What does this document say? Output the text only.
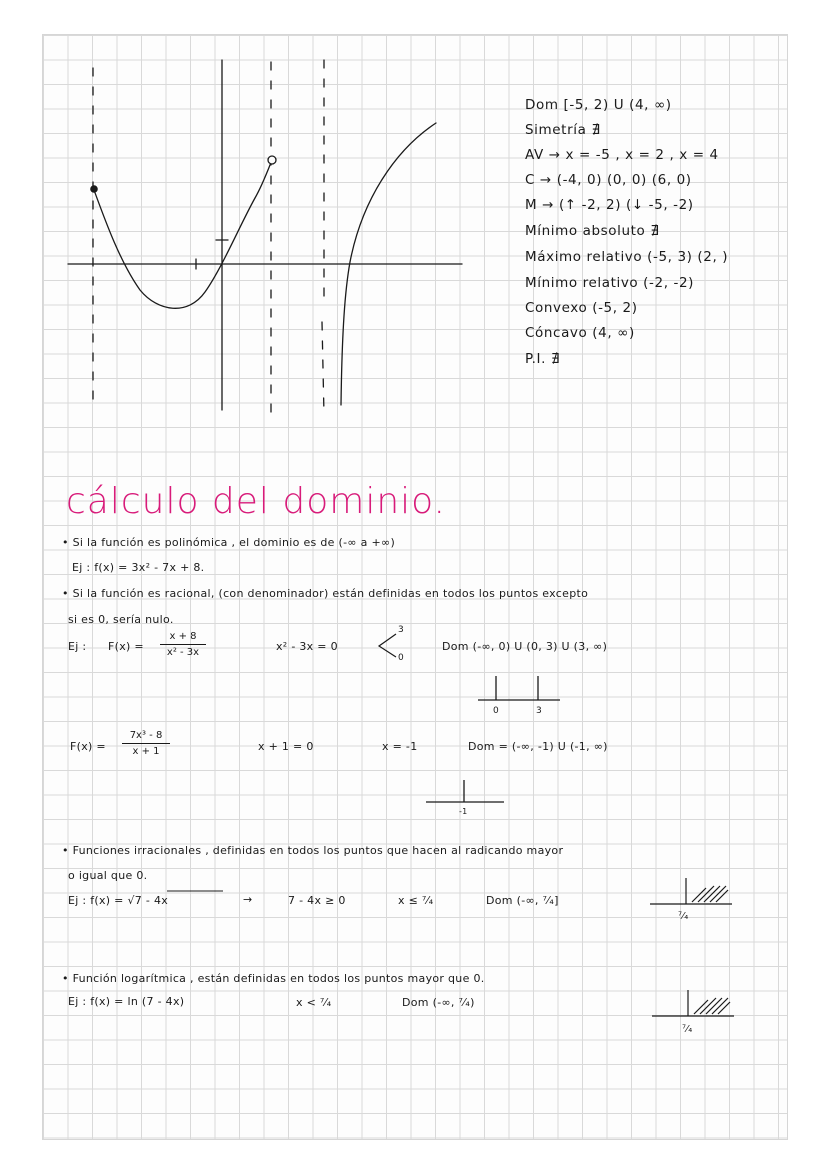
Dom [-5, 2) U (4, ∞)
Simetría ∄
AV → x = -5 , x = 2 , x = 4
C → (-4, 0) (0, 0) (6, 0)
M → (↑ -2, 2) (↓ -5, -2)
Mínimo absoluto ∄
Máximo relativo (-5, 3) (2, )
Mínimo relativo (-2, -2)
Convexo (-5, 2)
Cóncavo (4, ∞)
P.I. ∄
cálculo del dominio.
• Si la función es polinómica , el dominio es de (-∞ a +∞)
Ej : f(x) = 3x² - 7x + 8.
• Si la función es racional, (con denominador) están definidas en todos los puntos excepto
si es 0, sería nulo.
Ej : $F(x) = \frac{x + 8}{\text{x² - 3x}}$	x² - 3x = 0
3
0
Dom (-∞, 0) U (0, 3) U (3, ∞)
0	3
$F(x) = \frac{\text{7x³ - 8}}{x + 1}$	x + 1 = 0	x = -1	Dom = (-∞, -1) U (-1, ∞)
-1
• Funciones irracionales , definidas en todos los puntos que hacen al radicando mayor
o igual que 0.
Ej : f(x) = √7 - 4x	→	7 - 4x ≥ 0	x ≤ ⁷⁄₄	Dom (-∞, ⁷⁄₄]
⁷⁄₄
• Función logarítmica , están definidas en todos los puntos mayor que 0.
Ej : f(x) = ln (7 - 4x)	x < ⁷⁄₄	Dom (-∞, ⁷⁄₄)
⁷⁄₄
